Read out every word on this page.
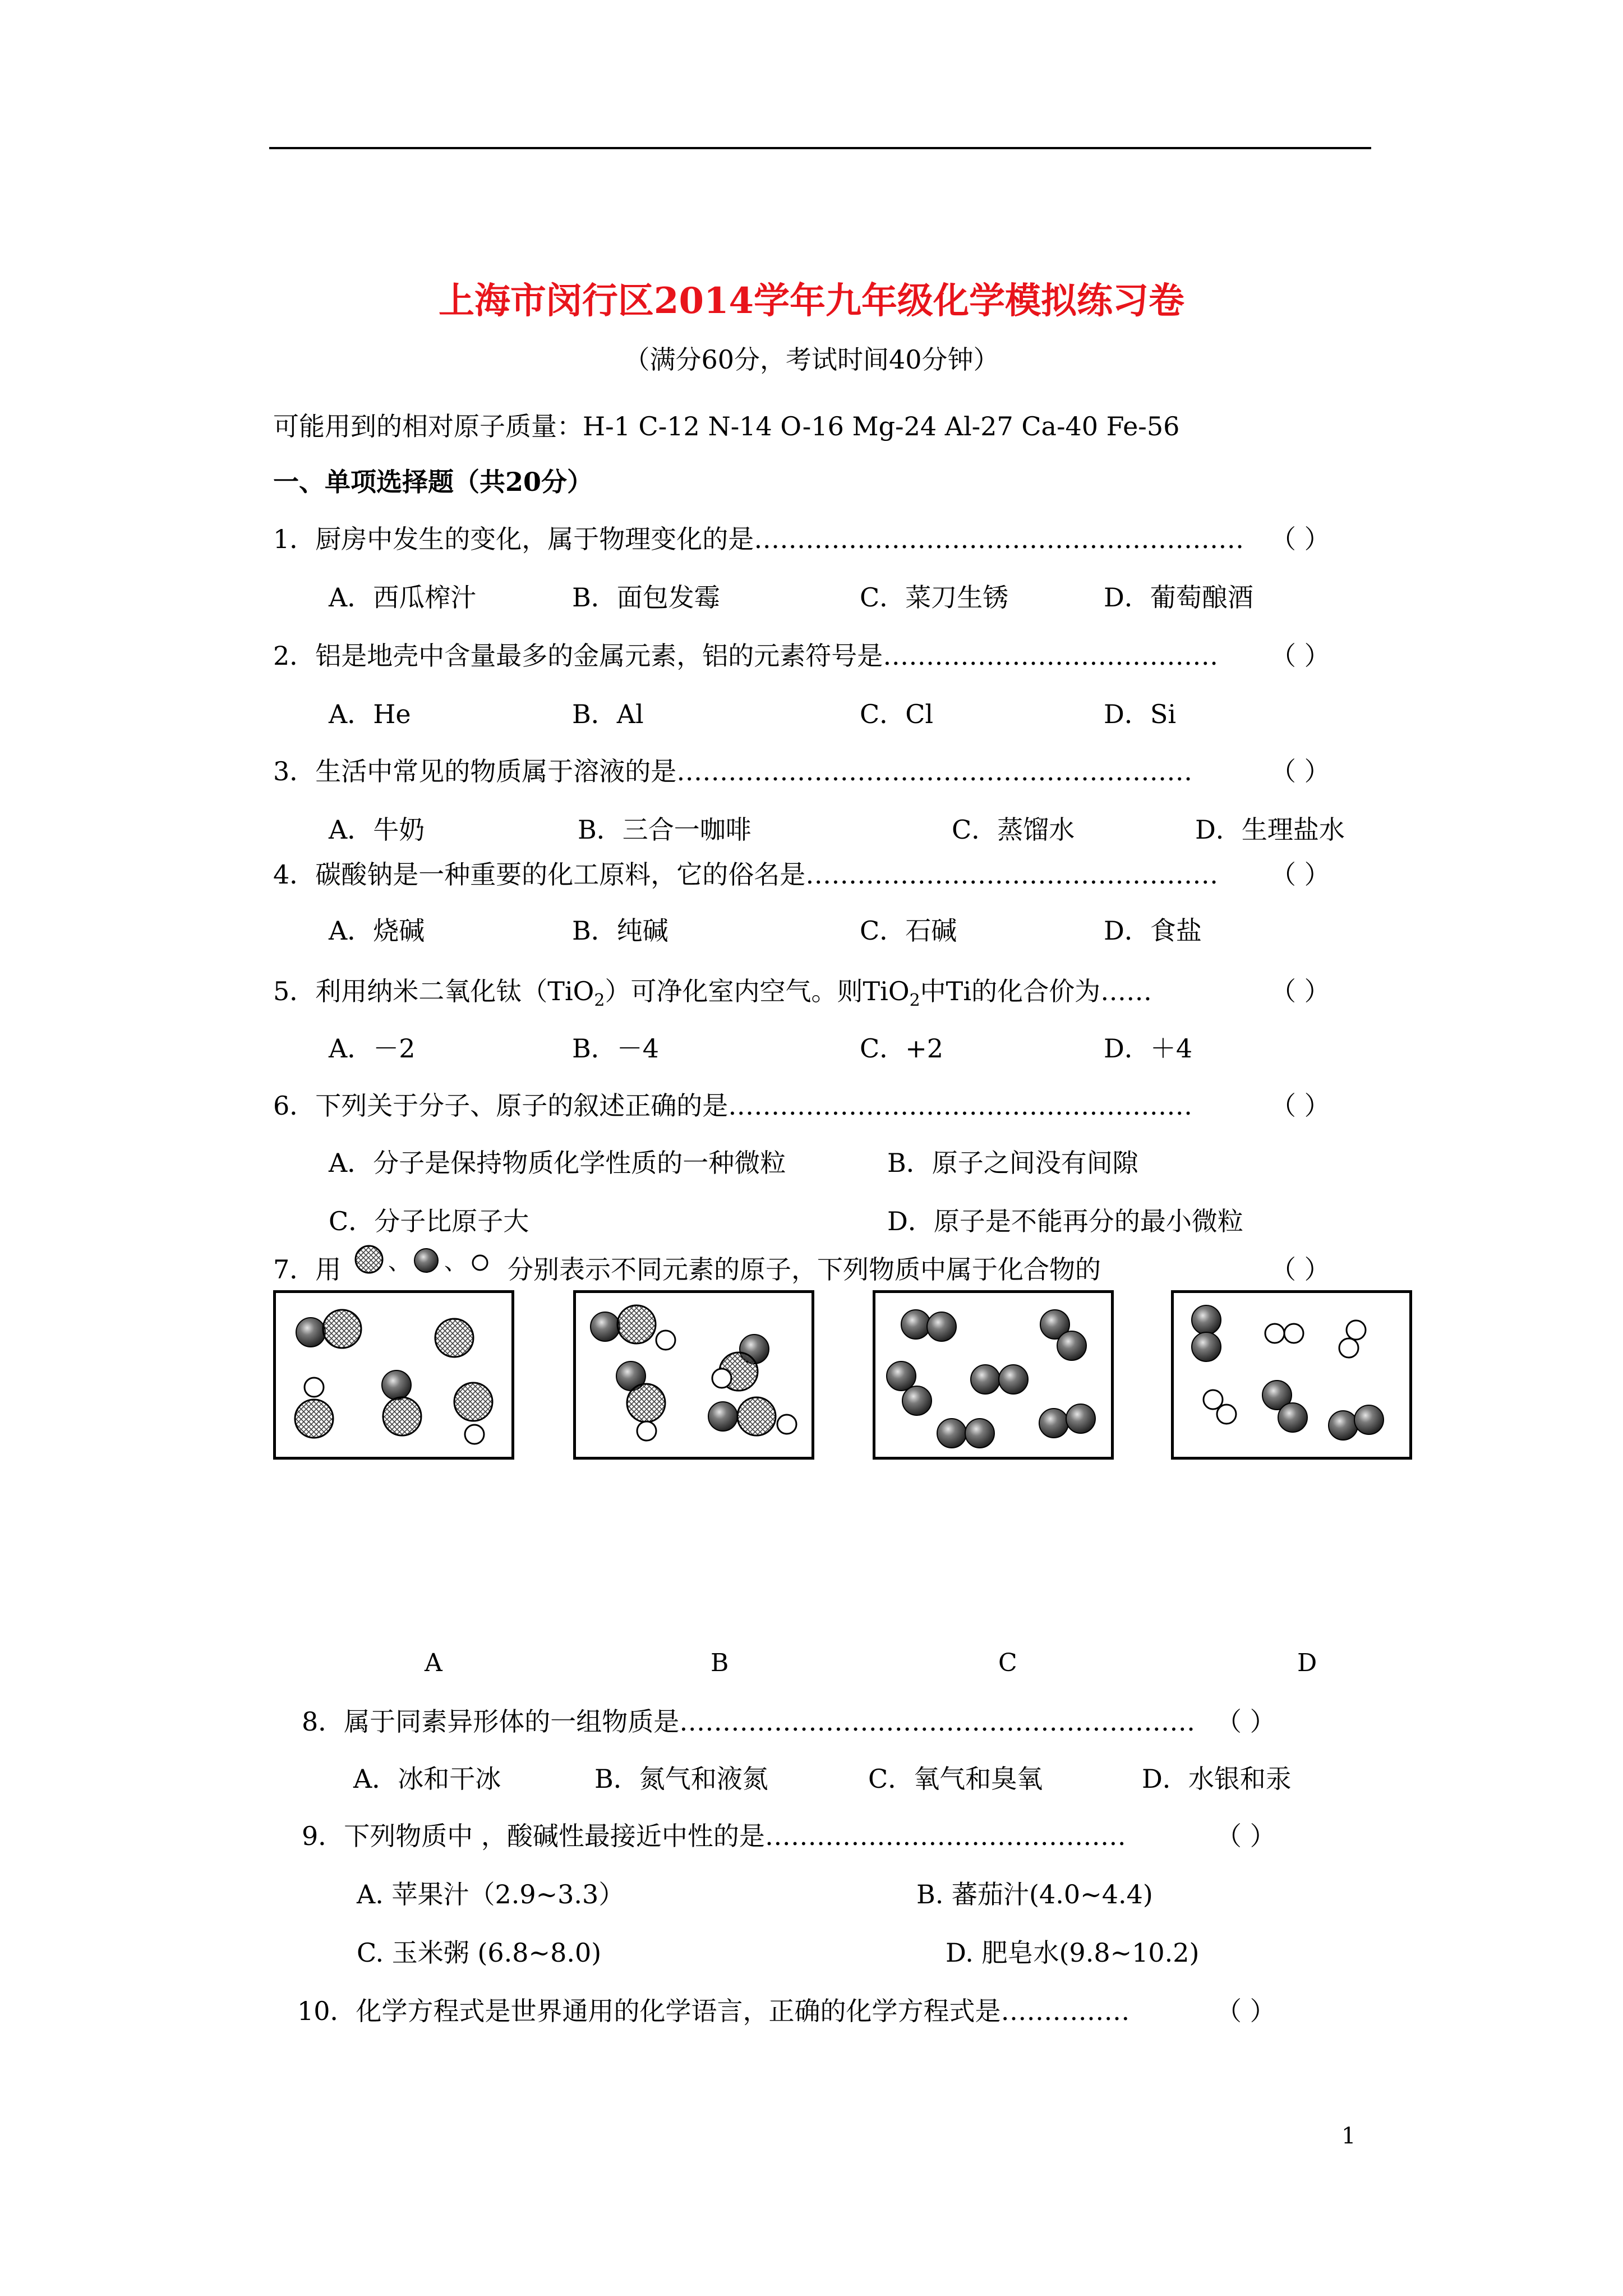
上海市闵行区2014学年九年级化学模拟练习卷
（满分60分，考试时间40分钟）
可能用到的相对原子质量：H-1 C-12 N-14 O-16 Mg-24 Al-27 Ca-40 Fe-56
一、单项选择题（共20分）
1．厨房中发生的变化，属于物理变化的是………………………………………………… （ ）
A．西瓜榨汁	B．面包发霉	C．菜刀生锈	D．葡萄酿酒
2．铝是地壳中含量最多的金属元素，铝的元素符号是………………………………… （ ）
A．He	B．Al	C．Cl	D．Si
3．生活中常见的物质属于溶液的是……………………………………………………	（ ）
A．牛奶	B．三合一咖啡	C．蒸馏水	D．生理盐水
4．碳酸钠是一种重要的化工原料，它的俗名是………………………………………… （ ）
A．烧碱	B．纯碱	C．石碱	D．食盐
5．利用纳米二氧化钛（TiO$_2$）可净化室内空气。则TiO$_2$中Ti的化合价为……	（ ）
A．－2	B．－4	C．+2	D．＋4
6．下列关于分子、原子的叙述正确的是………………………………………………	（ ）
A．分子是保持物质化学性质的一种微粒	B．原子之间没有间隙
C．分子比原子大	D．原子是不能再分的最小微粒
7．用 、 、 分别表示不同元素的原子，下列物质中属于化合物的	（ ）
A	B	C	D
8．属于同素异形体的一组物质是…………………………………………………… （ ）
A．冰和干冰	B．氮气和液氮	C．氧气和臭氧	D．水银和汞
9．下列物质中 ，酸碱性最接近中性的是……………………………………	（ ）
A. 苹果汁（2.9~3.3）	B. 蕃茄汁(4.0~4.4)
C. 玉米粥 (6.8~8.0)	D. 肥皂水(9.8~10.2)
10．化学方程式是世界通用的化学语言，正确的化学方程式是……………	（ ）
1
